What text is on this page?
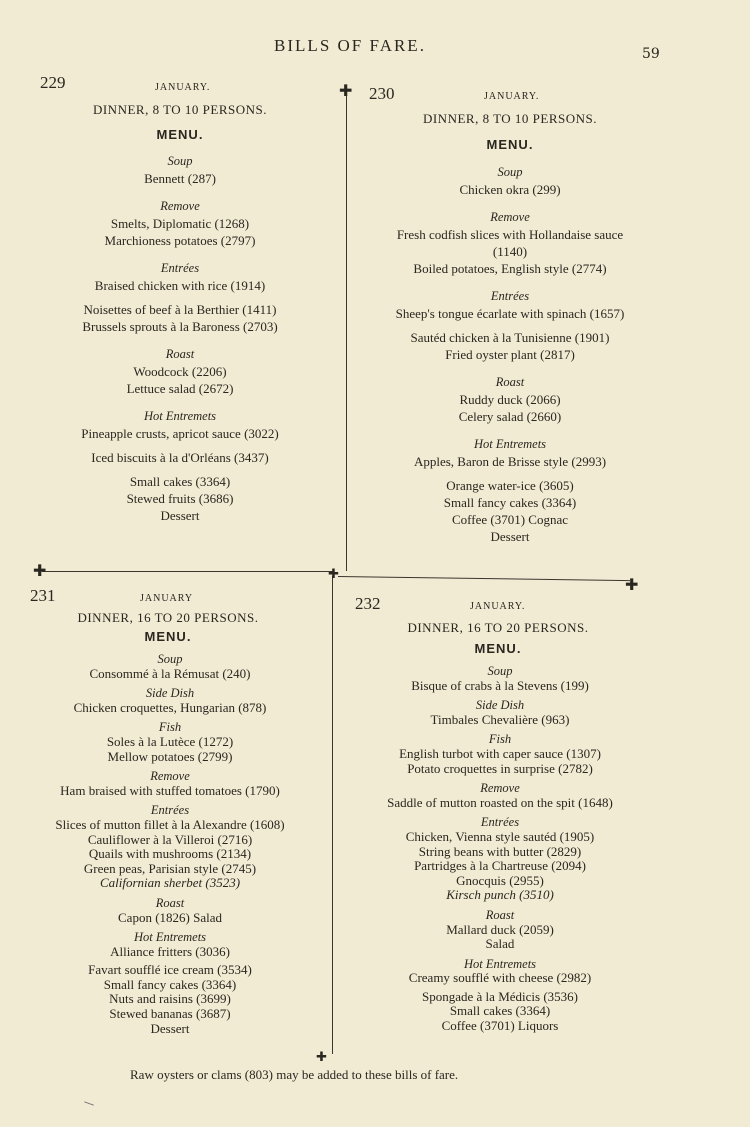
BILLS OF FARE.	59
✚
✚	✚
✚
✚
229	JANUARY.
DINNER, 8 TO 10 PERSONS.
MENU.
Soup
Bennett (287)
Remove
Smelts, Diplomatic (1268)
Marchioness potatoes (2797)
Entrées
Braised chicken with rice (1914)
Noisettes of beef à la Berthier (1411)
Brussels sprouts à la Baroness (2703)
Roast
Woodcock (2206)
Lettuce salad (2672)
Hot Entremets
Pineapple crusts, apricot sauce (3022)
Iced biscuits à la d'Orléans (3437)
Small cakes (3364)
Stewed fruits (3686)
Dessert
230	JANUARY.
DINNER, 8 TO 10 PERSONS.
MENU.
Soup
Chicken okra (299)
Remove
Fresh codfish slices with Hollandaise sauce
(1140)
Boiled potatoes, English style (2774)
Entrées
Sheep's tongue écarlate with spinach (1657)
Sautéd chicken à la Tunisienne (1901)
Fried oyster plant (2817)
Roast
Ruddy duck (2066)
Celery salad (2660)
Hot Entremets
Apples, Baron de Brisse style (2993)
Orange water-ice (3605)
Small fancy cakes (3364)
Coffee (3701) Cognac
Dessert
231	JANUARY
DINNER, 16 TO 20 PERSONS.
MENU.
Soup
Consommé à la Rémusat (240)
Side Dish
Chicken croquettes, Hungarian (878)
Fish
Soles à la Lutèce (1272)
Mellow potatoes (2799)
Remove
Ham braised with stuffed tomatoes (1790)
Entrées
Slices of mutton fillet à la Alexandre (1608)
Cauliflower à la Villeroi (2716)
Quails with mushrooms (2134)
Green peas, Parisian style (2745)
Californian sherbet (3523)
Roast
Capon (1826) Salad
Hot Entremets
Alliance fritters (3036)
Favart soufflé ice cream (3534)
Small fancy cakes (3364)
Nuts and raisins (3699)
Stewed bananas (3687)
Dessert
232	JANUARY.
DINNER, 16 TO 20 PERSONS.
MENU.
Soup
Bisque of crabs à la Stevens (199)
Side Dish
Timbales Chevalière (963)
Fish
English turbot with caper sauce (1307)
Potato croquettes in surprise (2782)
Remove
Saddle of mutton roasted on the spit (1648)
Entrées
Chicken, Vienna style sautéd (1905)
String beans with butter (2829)
Partridges à la Chartreuse (2094)
Gnocquis (2955)
Kirsch punch (3510)
Roast
Mallard duck (2059)
Salad
Hot Entremets
Creamy soufflé with cheese (2982)
Spongade à la Médicis (3536)
Small cakes (3364)
Coffee (3701) Liquors
Raw oysters or clams (803) may be added to these bills of fare.
